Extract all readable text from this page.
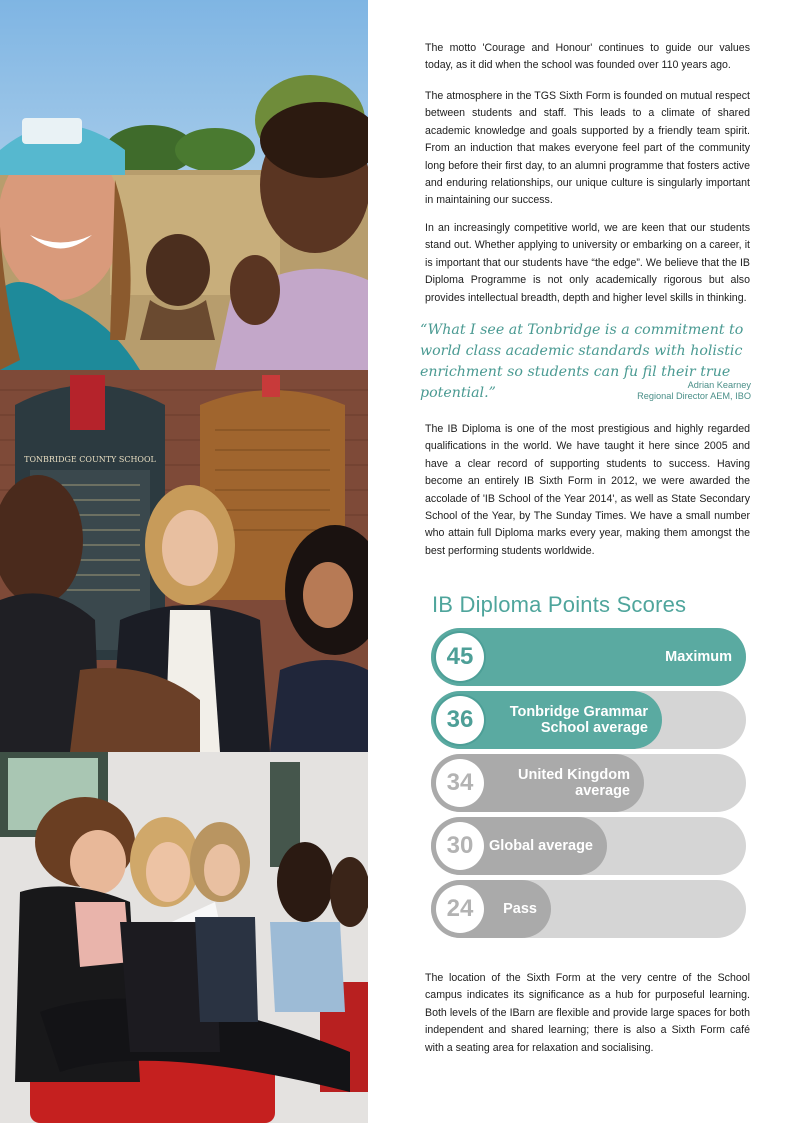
TONBRIDGE COUNTY SCHOOL

The motto 'Courage and Honour' continues to guide our values today, as it did when the school was founded over 110 years ago.

The atmosphere in the TGS Sixth Form is founded on mutual respect between students and staff. This leads to a climate of shared academic knowledge and goals supported by a friendly team spirit. From an induction that makes everyone feel part of the community long before their first day, to an alumni programme that fosters active and enduring relationships, our unique culture is singularly important in maintaining our success.

In an increasingly competitive world, we are keen that our students stand out. Whether applying to university or embarking on a career, it is important that our students have “the edge”. We believe that the IB Diploma Programme is not only academically rigorous but also provides intellectual breadth, depth and higher level skills in thinking.

“What I see at Tonbridge is a commitment to world class academic standards with holistic enrichment so students can fu fil their true potential.”	Adrian Kearney
Regional Director AEM, IBO

The IB Diploma is one of the most prestigious and highly regarded qualifications in the world. We have taught it here since 2005 and have a clear record of supporting students to success. Having become an entirely IB Sixth Form in 2012, we were awarded the accolade of 'IB School of the Year 2014', as well as State Secondary School of the Year, by The Sunday Times. We have a small number who attain full Diploma marks every year, making them amongst the best performing students worldwide.

IB Diploma Points Scores
45	Maximum
36	Tonbridge Grammar School average
34	United Kingdom average
30	Global average
24	Pass

The location of the Sixth Form at the very centre of the School campus indicates its significance as a hub for purposeful learning. Both levels of the IBarn are flexible and provide large spaces for both independent and shared learning; there is also a Sixth Form café with a seating area for relaxation and socialising.
